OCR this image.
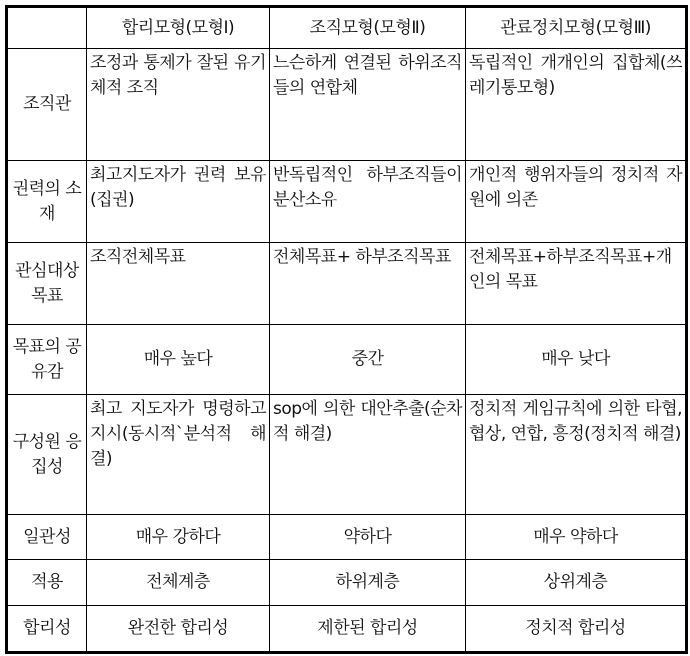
	합리모형(모형Ⅰ)	조직모형(모형Ⅱ)	관료정치모형(모형Ⅲ)
조직관	조정과 통제가 잘된 유기체적 조직	느슨하게 연결된 하위조직들의 연합체	독립적인 개개인의 집합체(쓰레기통모형)
권력의 소재	최고지도자가 권력 보유(집권)	반독립적인 하부조직들이 분산소유	개인적 행위자들의 정치적 자원에 의존
관심대상목표	조직전체목표	전체목표+ 하부조직목표	전체목표+하부조직목표+개인의 목표
목표의 공유감	매우 높다	중간	매우 낮다
구성원 응집성	최고 지도자가 명령하고 지시(동시적`분석적 해결)	sop에 의한 대안추출(순차적 해결)	정치적 게임규칙에 의한 타협, 협상, 연합, 흥정(정치적 해결)
일관성	매우 강하다	약하다	매우 약하다
적용	전체계층	하위계층	상위계층
합리성	완전한 합리성	제한된 합리성	정치적 합리성
